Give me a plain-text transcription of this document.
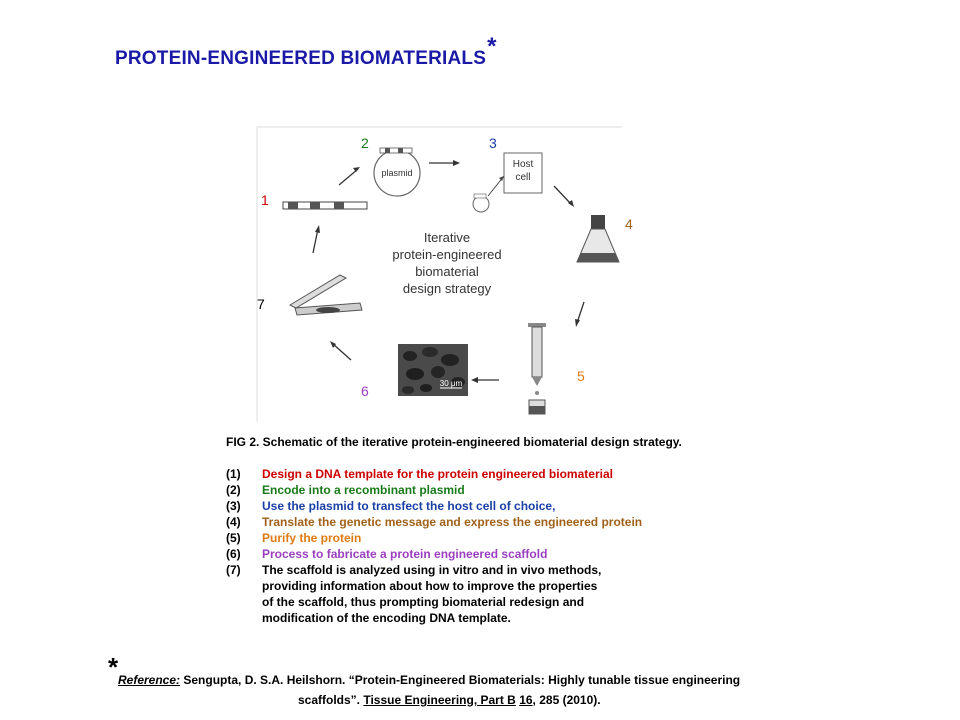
PROTEIN-ENGINEERED BIOMATERIALS*
1
2	3
4
5
6
7
plasmid
Host
cell
30 μm
Iterative
protein-engineered
biomaterial
design strategy
FIG 2. Schematic of the iterative protein-engineered biomaterial design strategy.
(1) Design a DNA template for the protein engineered biomaterial
(2) Encode into a recombinant plasmid
(3) Use the plasmid to transfect the host cell of choice,
(4) Translate the genetic message and express the engineered protein
(5) Purify the protein
(6) Process to fabricate a protein engineered scaffold
(7) The scaffold is analyzed using in vitro and in vivo methods,
providing information about how to improve the properties
of the scaffold, thus prompting biomaterial redesign and
modification of the encoding DNA template.
* Reference: Sengupta, D. S.A. Heilshorn. “Protein-Engineered Biomaterials: Highly tunable tissue engineering
scaffolds”. Tissue Engineering, Part B 16, 285 (2010).
